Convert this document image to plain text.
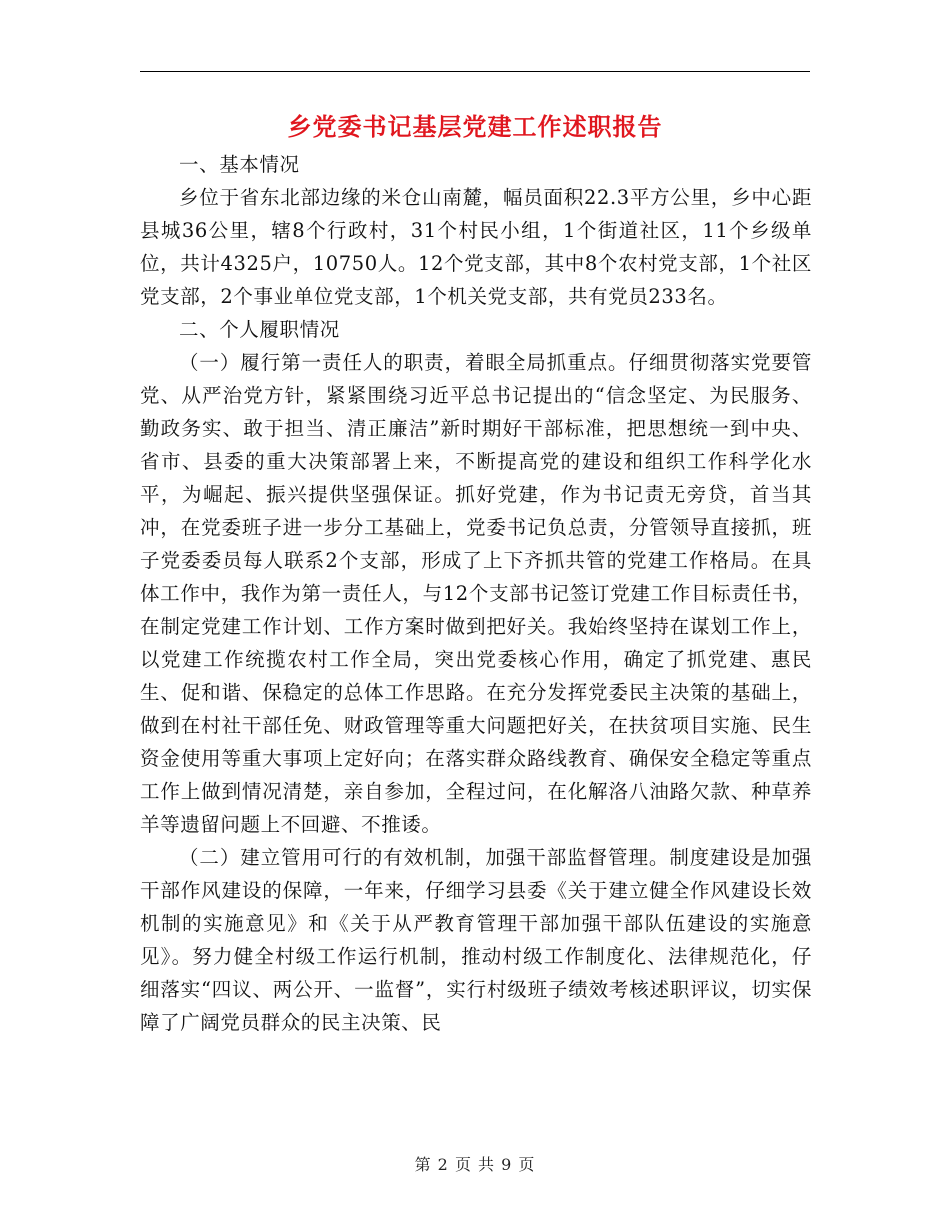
乡党委书记基层党建工作述职报告

一、基本情况

乡位于省东北部边缘的米仓山南麓，幅员面积22.3平方公里，乡中心距县城36公里，辖8个行政村，31个村民小组，1个街道社区，11个乡级单位，共计4325户，10750人。12个党支部，其中8个农村党支部，1个社区党支部，2个事业单位党支部，1个机关党支部，共有党员233名。

二、个人履职情况

（一）履行第一责任人的职责，着眼全局抓重点。仔细贯彻落实党要管党、从严治党方针，紧紧围绕习近平总书记提出的“信念坚定、为民服务、勤政务实、敢于担当、清正廉洁”新时期好干部标准，把思想统一到中央、省市、县委的重大决策部署上来，不断提高党的建设和组织工作科学化水平，为崛起、振兴提供坚强保证。抓好党建，作为书记责无旁贷，首当其冲，在党委班子进一步分工基础上，党委书记负总责，分管领导直接抓，班子党委委员每人联系2个支部，形成了上下齐抓共管的党建工作格局。在具体工作中，我作为第一责任人，与12个支部书记签订党建工作目标责任书，在制定党建工作计划、工作方案时做到把好关。我始终坚持在谋划工作上，以党建工作统揽农村工作全局，突出党委核心作用，确定了抓党建、惠民生、促和谐、保稳定的总体工作思路。在充分发挥党委民主决策的基础上，做到在村社干部任免、财政管理等重大问题把好关，在扶贫项目实施、民生资金使用等重大事项上定好向；在落实群众路线教育、确保安全稳定等重点工作上做到情况清楚，亲自参加，全程过问，在化解洛八油路欠款、种草养羊等遗留问题上不回避、不推诿。

（二）建立管用可行的有效机制，加强干部监督管理。制度建设是加强干部作风建设的保障，一年来，仔细学习县委《关于建立健全作风建设长效机制的实施意见》和《关于从严教育管理干部加强干部队伍建设的实施意见》。努力健全村级工作运行机制，推动村级工作制度化、法律规范化，仔细落实“四议、两公开、一监督”，实行村级班子绩效考核述职评议，切实保障了广阔党员群众的民主决策、民

第 2 页 共 9 页
